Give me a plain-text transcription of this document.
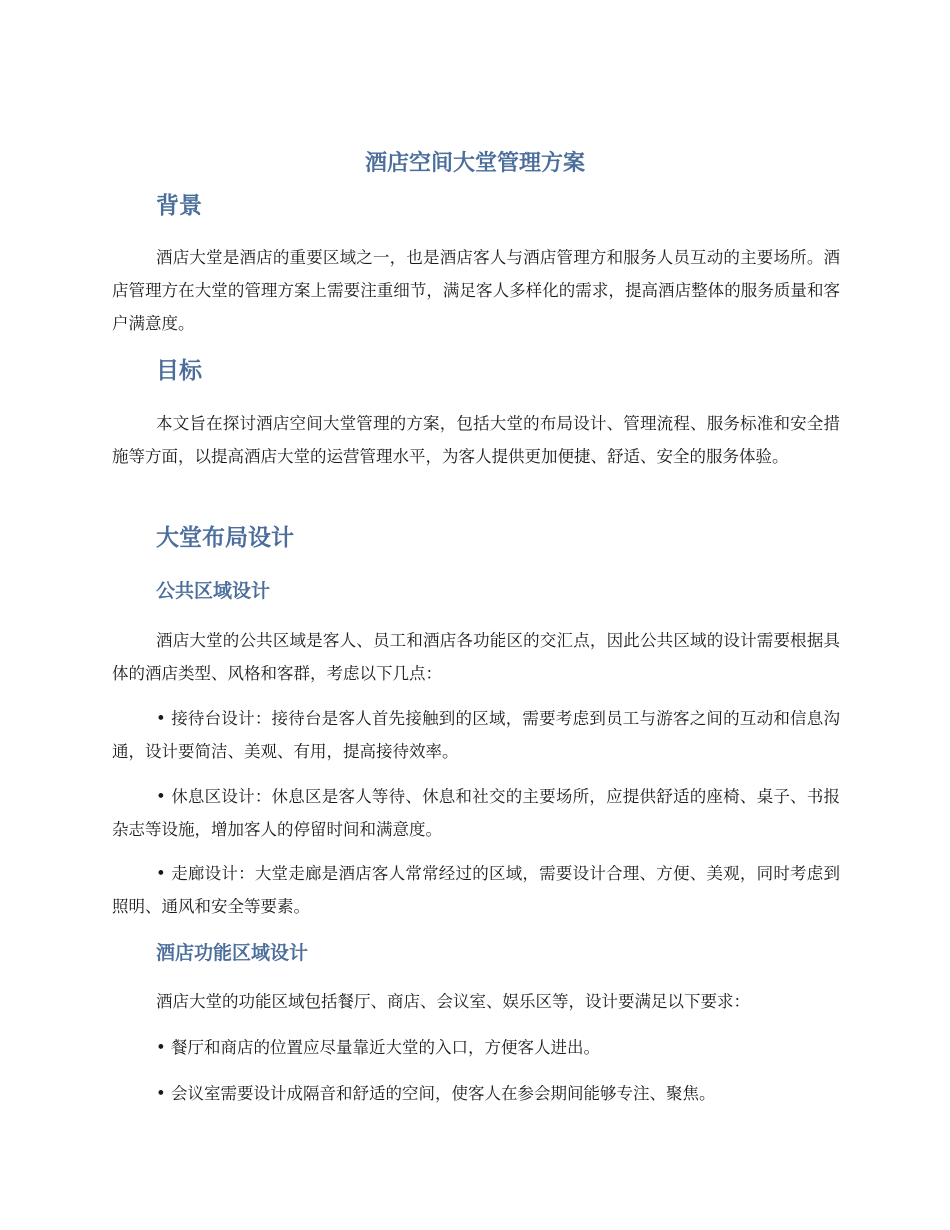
酒店空间大堂管理方案
背景

酒店大堂是酒店的重要区域之一，也是酒店客人与酒店管理方和服务人员互动的主要场所。酒店管理方在大堂的管理方案上需要注重细节，满足客人多样化的需求，提高酒店整体的服务质量和客户满意度。

目标

本文旨在探讨酒店空间大堂管理的方案，包括大堂的布局设计、管理流程、服务标准和安全措施等方面，以提高酒店大堂的运营管理水平，为客人提供更加便捷、舒适、安全的服务体验。

大堂布局设计
公共区域设计

酒店大堂的公共区域是客人、员工和酒店各功能区的交汇点，因此公共区域的设计需要根据具体的酒店类型、风格和客群，考虑以下几点：

• 接待台设计：接待台是客人首先接触到的区域，需要考虑到员工与游客之间的互动和信息沟通，设计要简洁、美观、有用，提高接待效率。

• 休息区设计：休息区是客人等待、休息和社交的主要场所，应提供舒适的座椅、桌子、书报杂志等设施，增加客人的停留时间和满意度。

• 走廊设计：大堂走廊是酒店客人常常经过的区域，需要设计合理、方便、美观，同时考虑到照明、通风和安全等要素。

酒店功能区域设计

酒店大堂的功能区域包括餐厅、商店、会议室、娱乐区等，设计要满足以下要求：

• 餐厅和商店的位置应尽量靠近大堂的入口，方便客人进出。

• 会议室需要设计成隔音和舒适的空间，使客人在参会期间能够专注、聚焦。
